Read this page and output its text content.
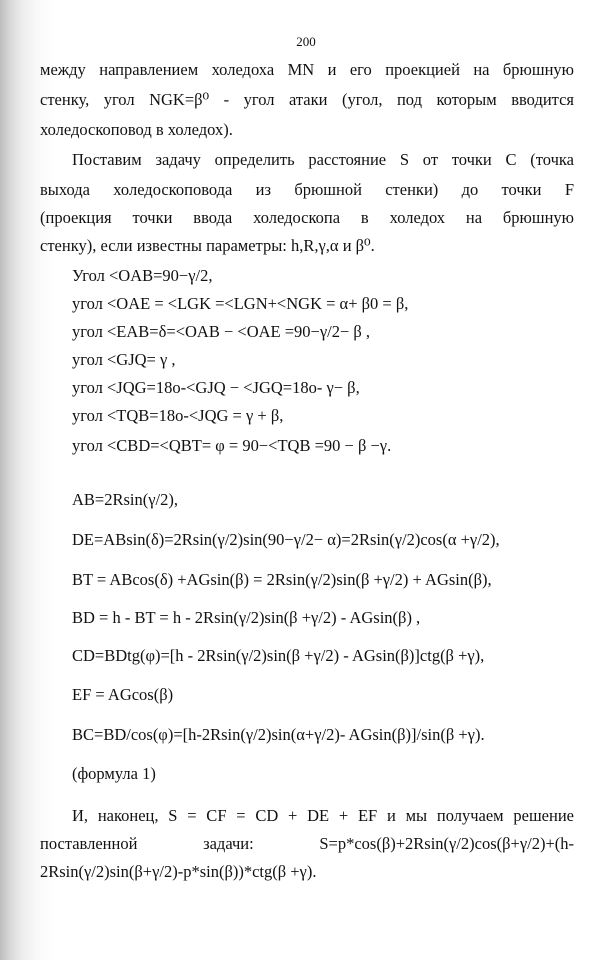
200
между направлением холедоха MN и его проекцией на брюшную
стенку, угол NGK=β⁰ - угол атаки (угол, под которым вводится
холедоскоповод в холедох).
Поставим задачу определить расстояние S от точки C (точка
выхода холедоскоповода из брюшной стенки) до точки F
(проекция точки ввода холедоскопа в холедох на брюшную
стенку), если известны параметры: h,R,γ,α и β⁰.
Угол <OAB=90−γ/2,
угол <OAE = <LGK =<LGN+<NGK = α+ β0 = β,
угол <EAB=δ=<OAB − <OAE =90−γ/2− β ,
угол <GJQ= γ ,
угол <JQG=18o-<GJQ − <JGQ=18o- γ− β,
угол <TQB=18o-<JQG = γ + β,
угол <CBD=<QBT= φ = 90−<TQB =90 − β −γ.
AB=2Rsin(γ/2),
DE=ABsin(δ)=2Rsin(γ/2)sin(90−γ/2− α)=2Rsin(γ/2)cos(α +γ/2),
BT = ABcos(δ) +AGsin(β) = 2Rsin(γ/2)sin(β +γ/2) + AGsin(β),
BD = h - BT = h - 2Rsin(γ/2)sin(β +γ/2) - AGsin(β) ,
CD=BDtg(φ)=[h - 2Rsin(γ/2)sin(β +γ/2) - AGsin(β)]ctg(β +γ),
EF = AGcos(β)
BC=BD/cos(φ)=[h-2Rsin(γ/2)sin(α+γ/2)- AGsin(β)]/sin(β +γ).
(формула 1)
И, наконец, S = CF = CD + DE + EF и мы получаем решение
поставленной задачи: S=p*cos(β)+2Rsin(γ/2)cos(β+γ/2)+(h-
2Rsin(γ/2)sin(β+γ/2)-p*sin(β))*ctg(β +γ).
